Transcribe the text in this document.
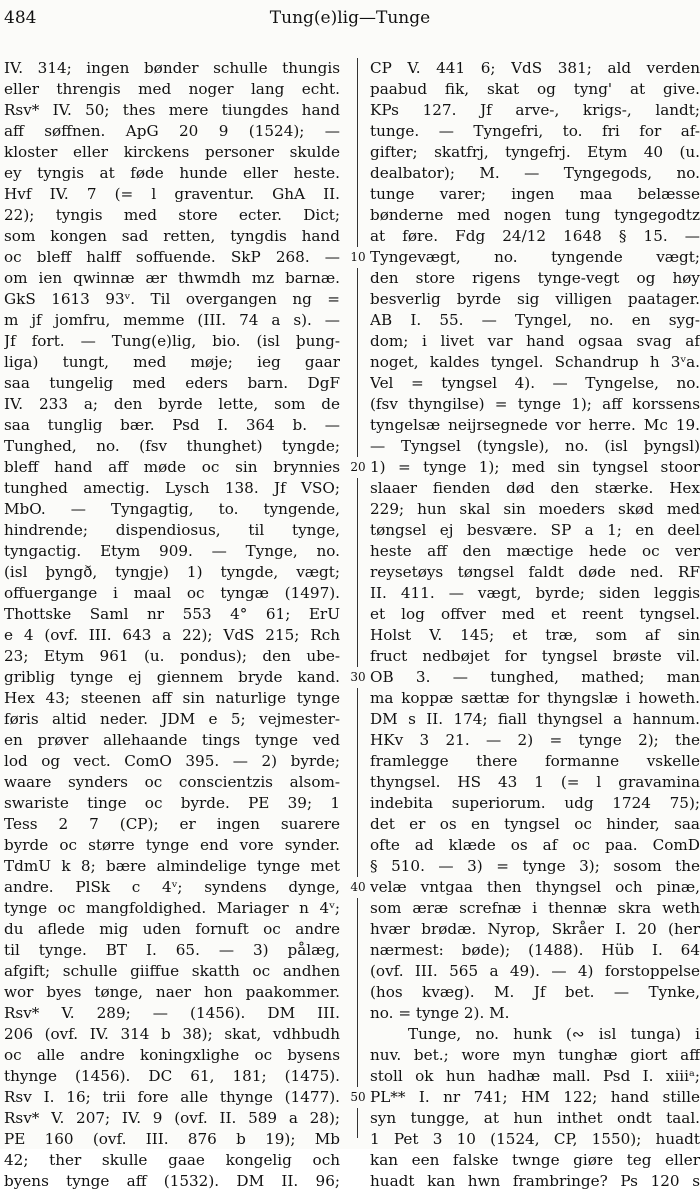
484	Tung(e)lig—Tunge
IV. 314; ingen bønder schulle thungis
eller threngis med noger lang echt.
Rsv* IV. 50; thes mere tiungdes hand
aff søffnen. ApG 20 9 (1524); —
kloster eller kirckens personer skulde
ey tyngis at føde hunde eller heste.
Hvf IV. 7 (= l graventur. GhA II.
22); tyngis med store ecter. Dict;
som kongen sad retten, tyngdis hand
oc bleff halff soffuende. SkP 268. —
om ien qwinnæ ær thwmdh mz barnæ.
GkS 1613 93ᵛ. Til overgangen ng =
m jf jomfru, memme (III. 74 a s). —
Jf fort. — Tung(e)lig, bio. (isl þung-
liga) tungt, med møje; ieg gaar
saa tungelig med eders barn. DgF
IV. 233 a; den byrde lette, som de
saa tunglig bær. Psd I. 364 b. —
Tunghed, no. (fsv thunghet) tyngde;
bleff hand aff møde oc sin brynnies
tunghed amectig. Lysch 138. Jf VSO;
MbO. — Tyngagtig, to. tyngende,
hindrende; dispendiosus, til tynge,
tyngactig. Etym 909. — Tynge, no.
(isl þyngð, tyngje) 1) tyngde, vægt;
offuergange i maal oc tyngæ (1497).
Thottske Saml nr 553 4° 61; ErU
e 4 (ovf. III. 643 a 22); VdS 215; Rch
23; Etym 961 (u. pondus); den ube-
griblig tynge ej giennem bryde kand.
Hex 43; steenen aff sin naturlige tynge
føris altid neder. JDM e 5; vejmester-
en prøver allehaande tings tynge ved
lod og vect. ComO 395. — 2) byrde;
waare synders oc conscientzis alsom-
swariste tinge oc byrde. PE 39; 1
Tess 2 7 (CP); er ingen suarere
byrde oc større tynge end vore synder.
TdmU k 8; bære almindelige tynge met
andre. PlSk c 4ᵛ; syndens dynge,
tynge oc mangfoldighed. Mariager n 4ᵛ;
du aflede mig uden fornuft oc andre
til tynge. BT I. 65. — 3) pålæg,
afgift; schulle giiffue skatth oc andhen
wor byes tønge, naer hon paakommer.
Rsv* V. 289; — (1456). DM III.
206 (ovf. IV. 314 b 38); skat, vdhbudh
oc alle andre koningxlighe oc bysens
thynge (1456). DC 61, 181; (1475).
Rsv I. 16; trii fore alle thynge (1477).
Rsv* V. 207; IV. 9 (ovf. II. 589 a 28);
PE 160 (ovf. III. 876 b 19); Mb
42; ther skulle gaae kongelig och
byens tynge aff (1532). DM II. 96;
CP V. 441 6; VdS 381; ald verden
paabud fik, skat og tyng' at give.
KPs 127. Jf arve-, krigs-, landt;
tunge. — Tyngefri, to. fri for af-
gifter; skatfrj, tyngefrj. Etym 40 (u.
dealbator); M. — Tyngegods, no.
tunge varer; ingen maa belæsse
bønderne med nogen tung tyngegodtz
at føre. Fdg 24/12 1648 § 15. —
Tyngevægt, no. tyngende vægt;
den store rigens tynge-vegt og høy
besverlig byrde sig villigen paatager.
AB I. 55. — Tyngel, no. en syg-
dom; i livet var hand ogsaa svag af
noget, kaldes tyngel. Schandrup h 3ᵛa.
Vel = tyngsel 4). — Tyngelse, no.
(fsv thyngilse) = tynge 1); aff korssens
tyngelsæ neijrsegnede vor herre. Mc 19.
— Tyngsel (tyngsle), no. (isl þyngsl)
1) = tynge 1); med sin tyngsel stoor
slaaer fienden død den stærke. Hex
229; hun skal sin moeders skød med
tøngsel ej besvære. SP a 1; en deel
heste aff den mæctige hede oc ver
reysetøys tøngsel faldt døde ned. RF
II. 411. — vægt, byrde; siden leggis
et log offver med et reent tyngsel.
Holst V. 145; et træ, som af sin
fruct nedbøjet for tyngsel brøste vil.
OB 3. — tunghed, mathed; man
ma koppæ sættæ for thyngslæ i howeth.
DM s II. 174; fiall thyngsel a hannum.
HKv 3 21. — 2) = tynge 2); the
framlegge there formanne vskelle
thyngsel. HS 43 1 (= l gravamina
indebita superiorum. udg 1724 75);
det er os en tyngsel oc hinder, saa
ofte ad klæde os af oc paa. ComD
§ 510. — 3) = tynge 3); sosom the
velæ vntgaa then thyngsel och pinæ,
som æræ screfnæ i thennæ skra weth
hvær brødæ. Nyrop, Skråer I. 20 (her
nærmest: bøde); (1488). Hüb I. 64
(ovf. III. 565 a 49). — 4) forstoppelse
(hos kvæg). M. Jf bet. — Tynke,
no. = tynge 2). M.
Tunge, no. hunk (∾ isl tunga) i
nuv. bet.; wore myn tunghæ giort aff
stoll ok hun hadhæ mall. Psd I. xiiiᵃ;
PL** I. nr 741; HM 122; hand stille
syn tungge, at hun inthet ondt taal.
1 Pet 3 10 (1524, CP, 1550); huadt
kan een falske twnge giøre teg eller
huadt kan hwn frambringe? Ps 120 s
10
20
30
40
50
